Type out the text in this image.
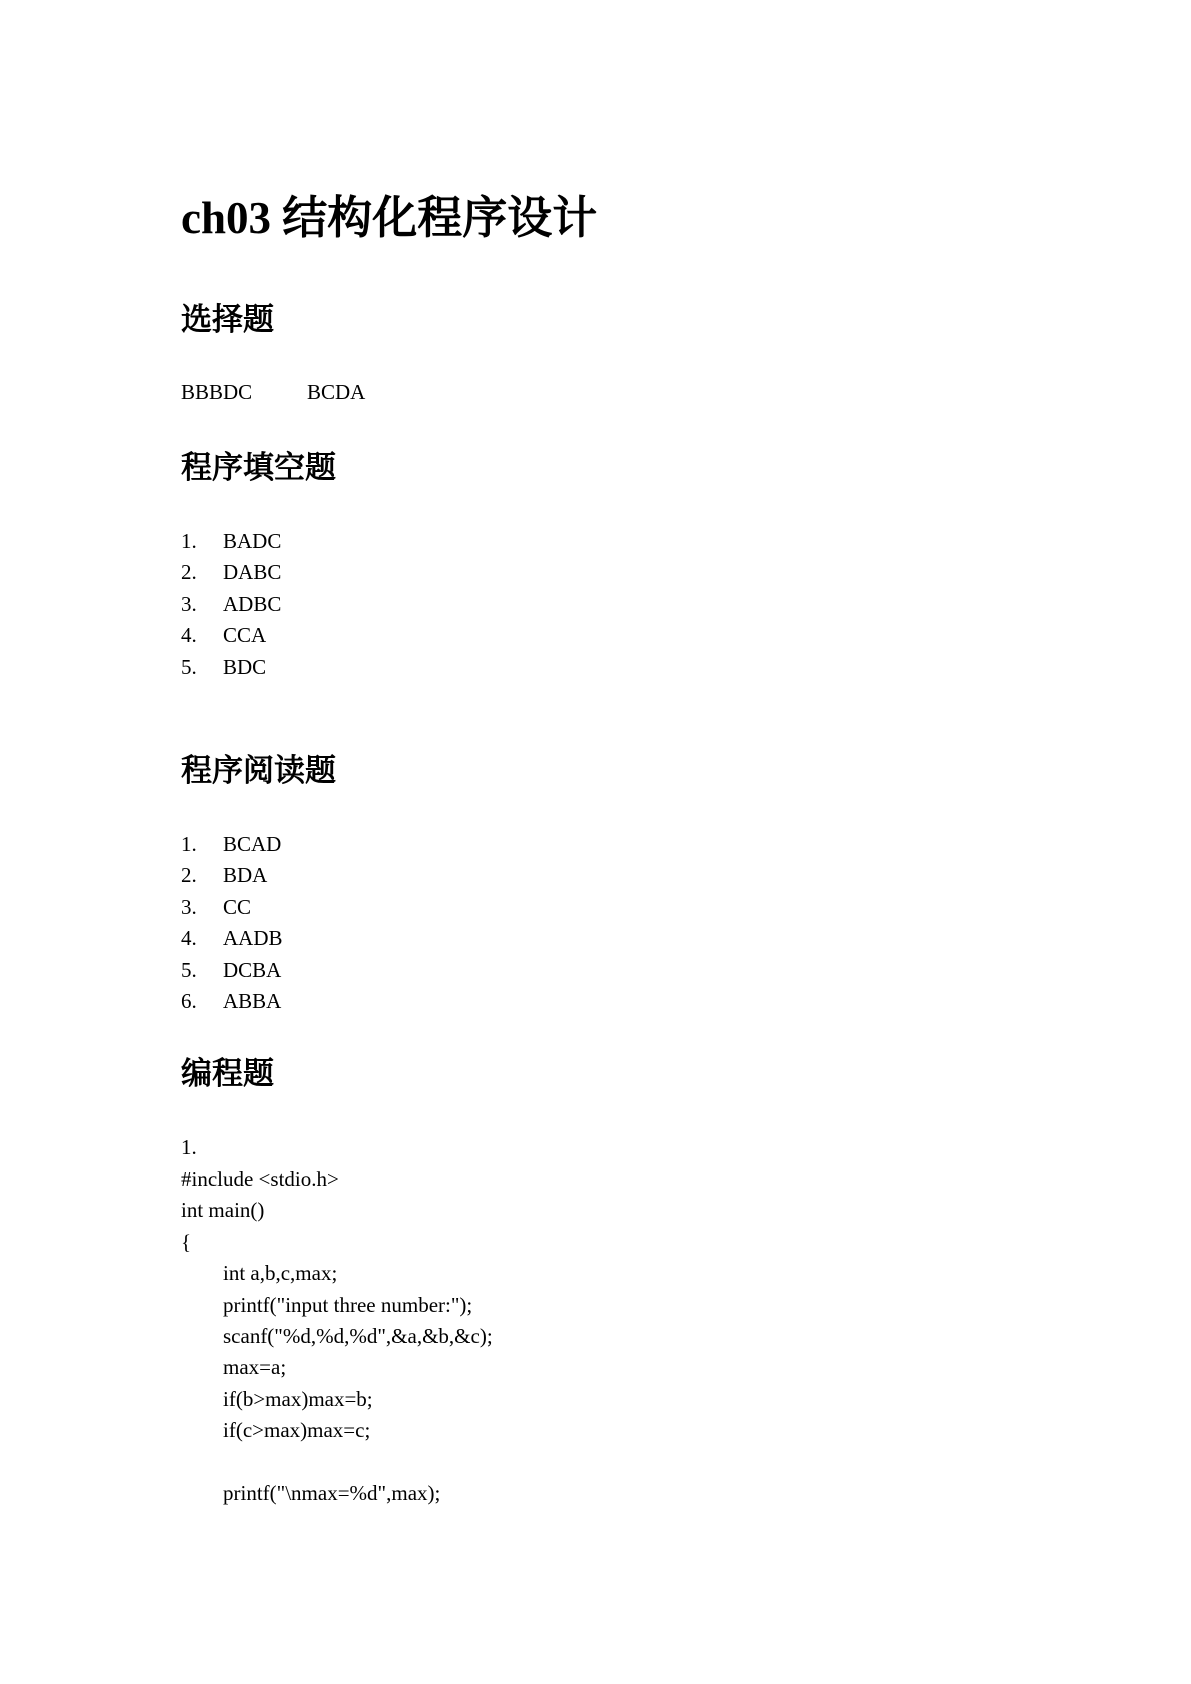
ch03 结构化程序设计
选择题
BBBDC	BCDA
程序填空题
1.	BADC
2.	DABC
3.	ADBC
4.	CCA
5.	BDC
程序阅读题
1.	BCAD
2.	BDA
3.	CC
4.	AADB
5.	DCBA
6.	ABBA
编程题
1.
#include <stdio.h>
int main()
{
int a,b,c,max;
printf("input three number:");
scanf("%d,%d,%d",&a,&b,&c);
max=a;
if(b>max)max=b;
if(c>max)max=c;
printf("\nmax=%d",max);
